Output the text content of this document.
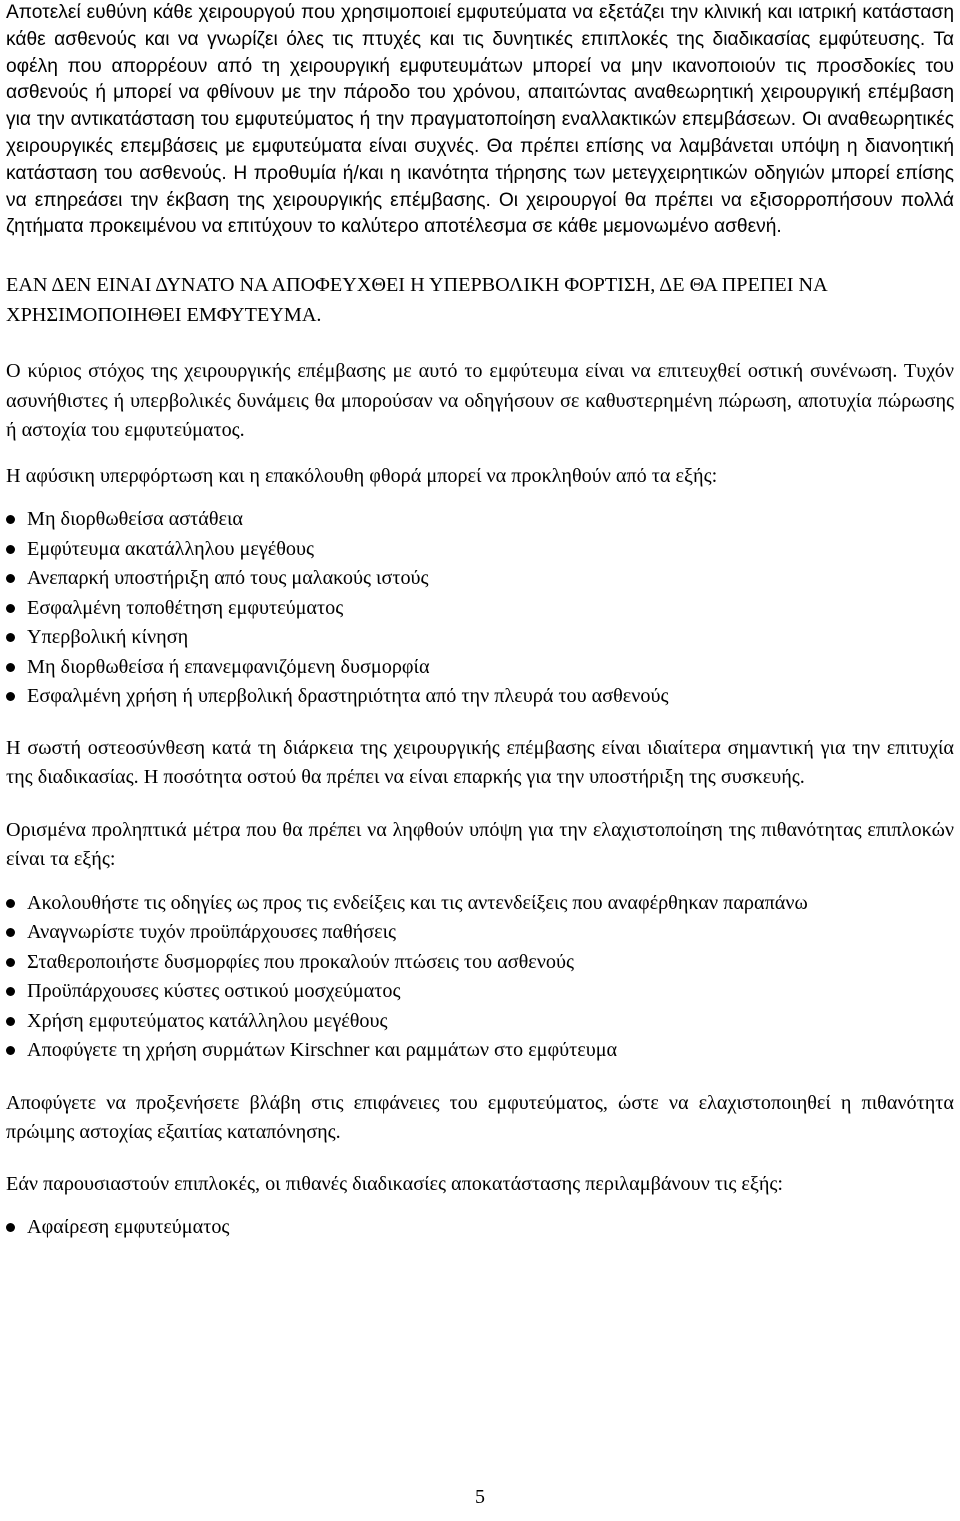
Αποτελεί ευθύνη κάθε χειρουργού που χρησιμοποιεί εμφυτεύματα να εξετάζει την κλινική και ιατρική κατάσταση κάθε ασθενούς και να γνωρίζει όλες τις πτυχές και τις δυνητικές επιπλοκές της διαδικασίας εμφύτευσης. Τα οφέλη που απορρέουν από τη χειρουργική εμφυτευμάτων μπορεί να μην ικανοποιούν τις προσδοκίες του ασθενούς ή μπορεί να φθίνουν με την πάροδο του χρόνου, απαιτώντας αναθεωρητική χειρουργική επέμβαση για την αντικατάσταση του εμφυτεύματος ή την πραγματοποίηση εναλλακτικών επεμβάσεων. Οι αναθεωρητικές χειρουργικές επεμβάσεις με εμφυτεύματα είναι συχνές. Θα πρέπει επίσης να λαμβάνεται υπόψη η διανοητική κατάσταση του ασθενούς. Η προθυμία ή/και η ικανότητα τήρησης των μετεγχειρητικών οδηγιών μπορεί επίσης να επηρεάσει την έκβαση της χειρουργικής επέμβασης. Οι χειρουργοί θα πρέπει να εξισορροπήσουν πολλά ζητήματα προκειμένου να επιτύχουν το καλύτερο αποτέλεσμα σε κάθε μεμονωμένο ασθενή.

ΕΑΝ ΔΕΝ ΕΙΝΑΙ ΔΥΝΑΤΟ ΝΑ ΑΠΟΦΕΥΧΘΕΙ Η ΥΠΕΡΒΟΛΙΚΗ ΦΟΡΤΙΣΗ, ΔΕ ΘΑ ΠΡΕΠΕΙ ΝΑ ΧΡΗΣΙΜΟΠΟΙΗΘΕΙ ΕΜΦΥΤΕΥΜΑ.

Ο κύριος στόχος της χειρουργικής επέμβασης με αυτό το εμφύτευμα είναι να επιτευχθεί οστική συνένωση. Τυχόν ασυνήθιστες ή υπερβολικές δυνάμεις θα μπορούσαν να οδηγήσουν σε καθυστερημένη πώρωση, αποτυχία πώρωσης ή αστοχία του εμφυτεύματος.

Η αφύσικη υπερφόρτωση και η επακόλουθη φθορά μπορεί να προκληθούν από τα εξής:

Μη διορθωθείσα αστάθεια
Εμφύτευμα ακατάλληλου μεγέθους
Ανεπαρκή υποστήριξη από τους μαλακούς ιστούς
Εσφαλμένη τοποθέτηση εμφυτεύματος
Υπερβολική κίνηση
Μη διορθωθείσα ή επανεμφανιζόμενη δυσμορφία
Εσφαλμένη χρήση ή υπερβολική δραστηριότητα από την πλευρά του ασθενούς

Η σωστή οστεοσύνθεση κατά τη διάρκεια της χειρουργικής επέμβασης είναι ιδιαίτερα σημαντική για την επιτυχία της διαδικασίας. Η ποσότητα οστού θα πρέπει να είναι επαρκής για την υποστήριξη της συσκευής.

Ορισμένα προληπτικά μέτρα που θα πρέπει να ληφθούν υπόψη για την ελαχιστοποίηση της πιθανότητας επιπλοκών είναι τα εξής:

Ακολουθήστε τις οδηγίες ως προς τις ενδείξεις και τις αντενδείξεις που αναφέρθηκαν παραπάνω
Αναγνωρίστε τυχόν προϋπάρχουσες παθήσεις
Σταθεροποιήστε δυσμορφίες που προκαλούν πτώσεις του ασθενούς
Προϋπάρχουσες κύστες οστικού μοσχεύματος
Χρήση εμφυτεύματος κατάλληλου μεγέθους
Αποφύγετε τη χρήση συρμάτων Kirschner και ραμμάτων στο εμφύτευμα

Αποφύγετε να προξενήσετε βλάβη στις επιφάνειες του εμφυτεύματος, ώστε να ελαχιστοποιηθεί η πιθανότητα πρώιμης αστοχίας εξαιτίας καταπόνησης.

Εάν παρουσιαστούν επιπλοκές, οι πιθανές διαδικασίες αποκατάστασης περιλαμβάνουν τις εξής:

Αφαίρεση εμφυτεύματος
5
